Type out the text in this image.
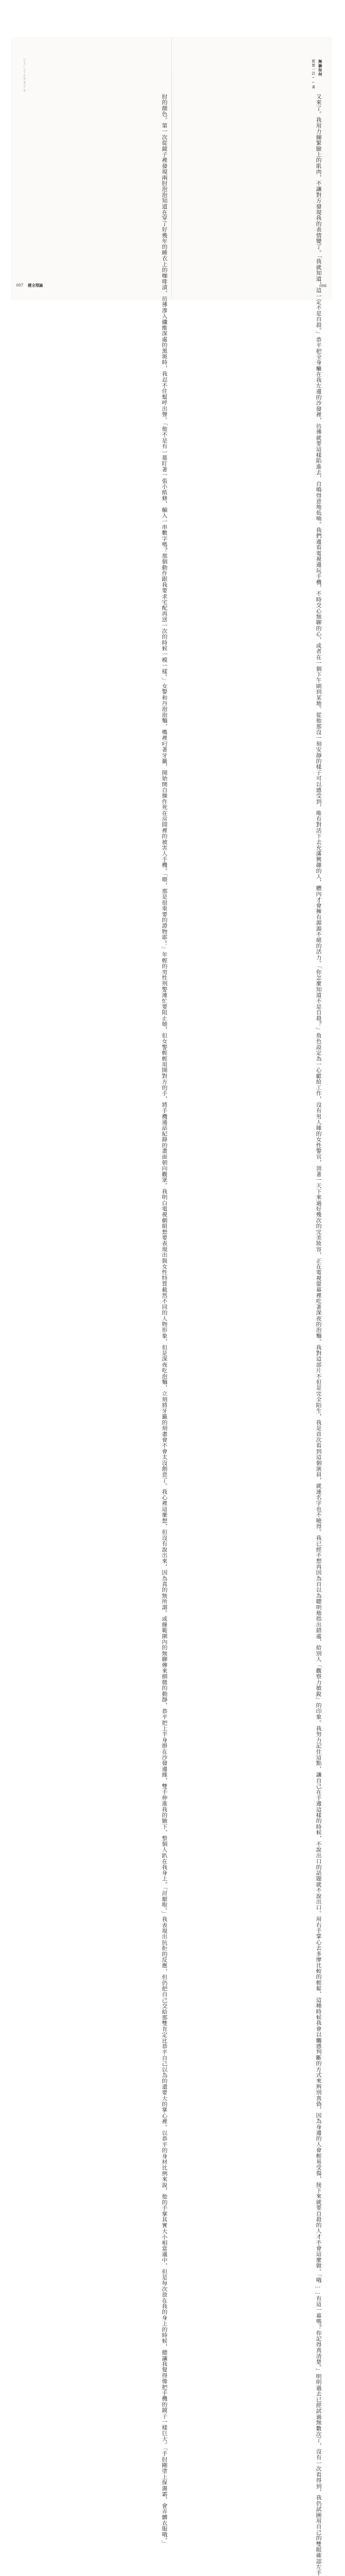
どうしても生きてる
肘的顏色。第一次從鏡子裡發現兩肘泡泡知道在穿了好幾年的睡衣上的咖啡漬，彷彿滲入纖維深處的黑斑時，我忍不住幫呼出聲。「他不是有一幕盯著一張小紙條，輸入一串數字嗎？那個動作跟我要求宅配再送一次的時候一模一樣。」女警和丹泡泡麵，嘴裡叼著牙籤，開始開自操作死在房間裡的被害人手機。「喂，那是很重要的證物耶！」年輕的男性刑警連忙要阻止她，但女警輕輕用開對方的手，將手機通話紀錄的畫面朝向觀眾。我明白電視劇組想要表現出與女性特質截然不同的人物形象，但是深夜吃泡麵，立刻將牙籤的刻畫會不會太沒創意了。我心裡這麼想，但沒有說出來，因為真的無所謂。或線範圍內的無聊傳來細微的動靜，恭平把上半身掛在沙發邊緣，雙手伸進我的腋下，整個人趴在我身上。「討厭啦。」我表現出抗拒的反應，但仍把自己交給那雙肯定比恭平自己以為的還要大的掌心裡。以恭平的身材比例來說，他的手掌其實大小相當適中，但是每次放在我的身上的時候，總讓我覺得像把手機的鏡子一樣巨大。「手肘剛塗上保濕霜，會弄髒衣服哦。」
007 健全理論
無論如何
都要一活──著
又來了。我用力繃緊臉上的肌肉，不讓對方發現我的表情變了。「我就知道，這一定不是自殺。」恭平把全身癱在我左邊的沙發裡，彷彿就要這樣陷進去，自鳴得意地低喃。我們邊看電視邊玩手機，不時交心無聊的心，或者在一個下午刷到某地。從他那沒一刻安靜的樣子可以感受到，唯有對活下去充滿興趣的人，體內才會擁有源源不絕的活力。「你怎麼知道不是自殺？」角色設定為一心獻給工作，沒有男人緣的女性警官，頂著一天下來過好幾次的完美妝容，正在電視螢幕裡吃著深夜的泡麵。我對這部片不但是完全陌生，我是首次看到這個演員，就連名字也不曉得。我已經不想再因為自以為聰明地指出錯處，給別人「觀察力敏銳」的印象。我努力記住這點，讓自己在手邊這樣的時候，不說出口的話題就不說出口。用右手掌心去多摩比較的輕鬆，這種時候我會以觸感判斷的方式來辨別真偽，因為身邊的人會輕易受傷，接下來就要自殺的人才不會這麼做。「哦……有這一幕嗎？你記得真清楚。」明明過去已經試過無數次了，沒有一次看得到，我仍試圖用自己的雙眼確認左手
006
